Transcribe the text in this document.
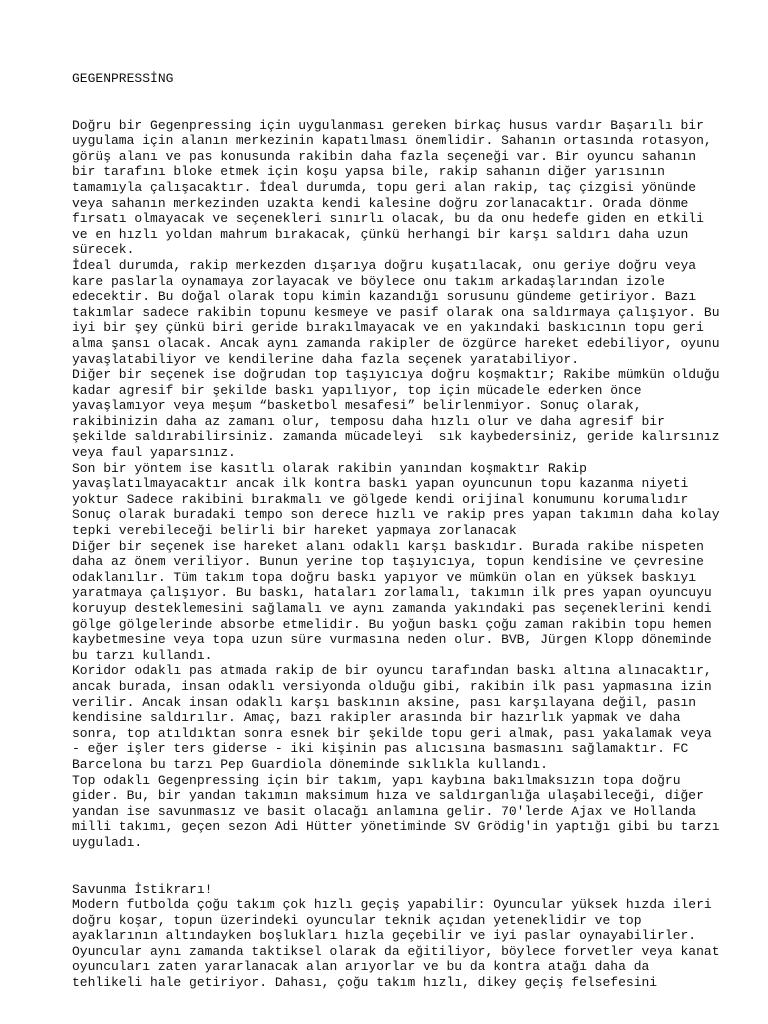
GEGENPRESSİNG
Doğru bir Gegenpressing için uygulanması gereken birkaç husus vardır Başarılı bir
uygulama için alanın merkezinin kapatılması önemlidir. Sahanın ortasında rotasyon,
görüş alanı ve pas konusunda rakibin daha fazla seçeneği var. Bir oyuncu sahanın
bir tarafını bloke etmek için koşu yapsa bile, rakip sahanın diğer yarısının
tamamıyla çalışacaktır. İdeal durumda, topu geri alan rakip, taç çizgisi yönünde
veya sahanın merkezinden uzakta kendi kalesine doğru zorlanacaktır. Orada dönme
fırsatı olmayacak ve seçenekleri sınırlı olacak, bu da onu hedefe giden en etkili
ve en hızlı yoldan mahrum bırakacak, çünkü herhangi bir karşı saldırı daha uzun
sürecek.
İdeal durumda, rakip merkezden dışarıya doğru kuşatılacak, onu geriye doğru veya
kare paslarla oynamaya zorlayacak ve böylece onu takım arkadaşlarından izole
edecektir. Bu doğal olarak topu kimin kazandığı sorusunu gündeme getiriyor. Bazı
takımlar sadece rakibin topunu kesmeye ve pasif olarak ona saldırmaya çalışıyor. Bu
iyi bir şey çünkü biri geride bırakılmayacak ve en yakındaki baskıcının topu geri
alma şansı olacak. Ancak aynı zamanda rakipler de özgürce hareket edebiliyor, oyunu
yavaşlatabiliyor ve kendilerine daha fazla seçenek yaratabiliyor.
Diğer bir seçenek ise doğrudan top taşıyıcıya doğru koşmaktır; Rakibe mümkün olduğu
kadar agresif bir şekilde baskı yapılıyor, top için mücadele ederken önce
yavaşlamıyor veya meşum “basketbol mesafesi” belirlenmiyor. Sonuç olarak,
rakibinizin daha az zamanı olur, temposu daha hızlı olur ve daha agresif bir
şekilde saldırabilirsiniz. zamanda mücadeleyi  sık kaybedersiniz, geride kalırsınız
veya faul yaparsınız.
Son bir yöntem ise kasıtlı olarak rakibin yanından koşmaktır Rakip
yavaşlatılmayacaktır ancak ilk kontra baskı yapan oyuncunun topu kazanma niyeti
yoktur Sadece rakibini bırakmalı ve gölgede kendi orijinal konumunu korumalıdır
Sonuç olarak buradaki tempo son derece hızlı ve rakip pres yapan takımın daha kolay
tepki verebileceği belirli bir hareket yapmaya zorlanacak
Diğer bir seçenek ise hareket alanı odaklı karşı baskıdır. Burada rakibe nispeten
daha az önem veriliyor. Bunun yerine top taşıyıcıya, topun kendisine ve çevresine
odaklanılır. Tüm takım topa doğru baskı yapıyor ve mümkün olan en yüksek baskıyı
yaratmaya çalışıyor. Bu baskı, hataları zorlamalı, takımın ilk pres yapan oyuncuyu
koruyup desteklemesini sağlamalı ve aynı zamanda yakındaki pas seçeneklerini kendi
gölge gölgelerinde absorbe etmelidir. Bu yoğun baskı çoğu zaman rakibin topu hemen
kaybetmesine veya topa uzun süre vurmasına neden olur. BVB, Jürgen Klopp döneminde
bu tarzı kullandı.
Koridor odaklı pas atmada rakip de bir oyuncu tarafından baskı altına alınacaktır,
ancak burada, insan odaklı versiyonda olduğu gibi, rakibin ilk pası yapmasına izin
verilir. Ancak insan odaklı karşı baskının aksine, pası karşılayana değil, pasın
kendisine saldırılır. Amaç, bazı rakipler arasında bir hazırlık yapmak ve daha
sonra, top atıldıktan sonra esnek bir şekilde topu geri almak, pası yakalamak veya
- eğer işler ters giderse - iki kişinin pas alıcısına basmasını sağlamaktır. FC
Barcelona bu tarzı Pep Guardiola döneminde sıklıkla kullandı.
Top odaklı Gegenpressing için bir takım, yapı kaybına bakılmaksızın topa doğru
gider. Bu, bir yandan takımın maksimum hıza ve saldırganlığa ulaşabileceği, diğer
yandan ise savunmasız ve basit olacağı anlamına gelir. 70'lerde Ajax ve Hollanda
milli takımı, geçen sezon Adi Hütter yönetiminde SV Grödig'in yaptığı gibi bu tarzı
uyguladı.
Savunma İstikrarı!
Modern futbolda çoğu takım çok hızlı geçiş yapabilir: Oyuncular yüksek hızda ileri
doğru koşar, topun üzerindeki oyuncular teknik açıdan yeteneklidir ve top
ayaklarının altındayken boşlukları hızla geçebilir ve iyi paslar oynayabilirler.
Oyuncular aynı zamanda taktiksel olarak da eğitiliyor, böylece forvetler veya kanat
oyuncuları zaten yararlanacak alan arıyorlar ve bu da kontra atağı daha da
tehlikeli hale getiriyor. Dahası, çoğu takım hızlı, dikey geçiş felsefesini
